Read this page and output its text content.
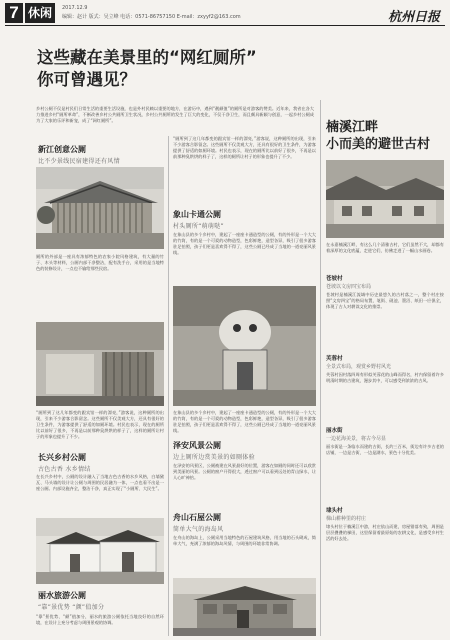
7 休闲	2017.12.9
编辑：赵计 版式：吴立峰 电话：0571-86757150 E-mail：zxyyf2@163.com	杭州日报
这些藏在美景里的“网红厕所”
你可曾遇见？
乡村公厕不仅是村民们日常生活的重要生活设施，也是外村民赖以重要的地方，在游历中，遇到“靓颜值”的厕所是对游客的赞美。近年来，我省在各大力推进乡村“厕所革命”，不断改善乡村公共厕所卫生状况，乡村公共厕所的发生了巨大的变化，不仅干净卫生，而且颇具新颖与创意，一起乡村公厕成为了大家的乐评和新宠，成了“网红厕所”。
新江创意公厕
比不少景线民宿建得还有风情
厕所的外部是一座具有浓郁特色的农家小院风格建筑，有大量的竹子、木头等材料，公厕内部干净整洁，配有洗手台，采用的是当地特色的装修设计，一点也不输给那些民宿。
“厕所到了这几年都变的跟宾馆一样的漂亮，”游客说，这种厕所的出现，引来不少游客合影留念。这些厕所不仅美观大方，还具有很好的卫生条件，为游客提供了舒适的如厕环境。村民也表示，现在的厕所比以前好了很多，不再是以前那种臭烘烘的样子了，这样的厕所让村子的形象也提升了不少。
长兴乡村公厕
古色古香 水乡情结
在长兴乡村中，公厕的设计融入了当地古色古香的水乡风格，白墙黛瓦、马头墙的设计让公厕与周围的民居融为一体，一点也看不出是一座公厕。内部设施齐全，整洁干净，真正实现了“小厕所、大民生”。
丽水旅游公厕
“靠”景优势 “颜”值加分
“靠”景优势、“颜”值加分，丽水的旅游公厕依托当地良好的自然环境，在设计上充分考虑与周围景观的协调。
“厕所到了这几年都变的跟宾馆一样的漂亮，”游客说，这种厕所的出现，引来不少游客合影留念。这些厕所不仅美观大方，还具有很好的卫生条件，为游客提供了舒适的如厕环境。村民也表示，现在的厕所比以前好了很多，不再是以前那种臭烘烘的样子了，这样的厕所让村子的形象也提升了不少。
象山卡通公厕
村头厕所“萌萌哒”
在象山县的多个乡村中，建起了一座座卡通造型的公厕，有的外形是一个大大的竹筒，有的是一个可爱的动物造型，色彩鲜艳，造型各异，吸引了很多游客驻足拍照，孩子们更是喜欢得不得了，这些公厕已经成了当地的一道亮丽风景线。
在象山县的多个乡村中，建起了一座座卡通造型的公厕，有的外形是一个大大的竹筒，有的是一个可爱的动物造型，色彩鲜艳，造型各异，吸引了很多游客驻足拍照，孩子们更是喜欢得不得了，这些公厕已经成了当地的一道亮丽风景线。
泽安风景公厕
边上厕所边赏美景的如厕体验
在泽安的风景区，公厕被建在风景最好的位置，游客在如厕的同时还可以欣赏到美丽的风景。公厕的窗户开得很大，透过窗户可以看到远处的青山绿水，让人心旷神怡。
舟山石屋公厕
简单大气的海岛风
在舟山的海岛上，公厕采用当地特色的石屋建筑风格，用当地的石头砌成，简单大气，充满了浓郁的海岛风情，与周围的环境非常协调。
楠溪江畔
小而美的避世古村
在永嘉楠溪江畔，有这么几个清雅古村，它们虽然不大，却都有着深厚的文化底蕴，走进它们，仿佛走进了一幅山水画卷。
苍坡村
苍坡以文房四宝布局
苍坡村是楠溪江流域中历史最悠久的古村落之一，整个村庄按照“文房四宝”的格局布置，笔街、砚池、墨沼、纸田一应俱全，体现了古人对耕读文化的推崇。
芙蓉村
全景式布局，观赏乡野村风光
芙蓉村因村落四周有形似芙蓉花的山峰而得名，村内保留着许多明清时期的古建筑，漫步其中，可以感受到浓浓的古风。
丽水街
一边花海美景，将古今尽显
丽水街是一条临水而建的古街，长约三百米，街边有许多古老的店铺，一边是古街，一边是湖水，景色十分优美。
埭头村
梯山耕种里的村庄
埭头村位于楠溪江中游，村庄依山而建，房屋错落有致，周围是层层叠叠的梯田，这里保留着最原始的农耕文化，是感受乡村生活的好去处。
